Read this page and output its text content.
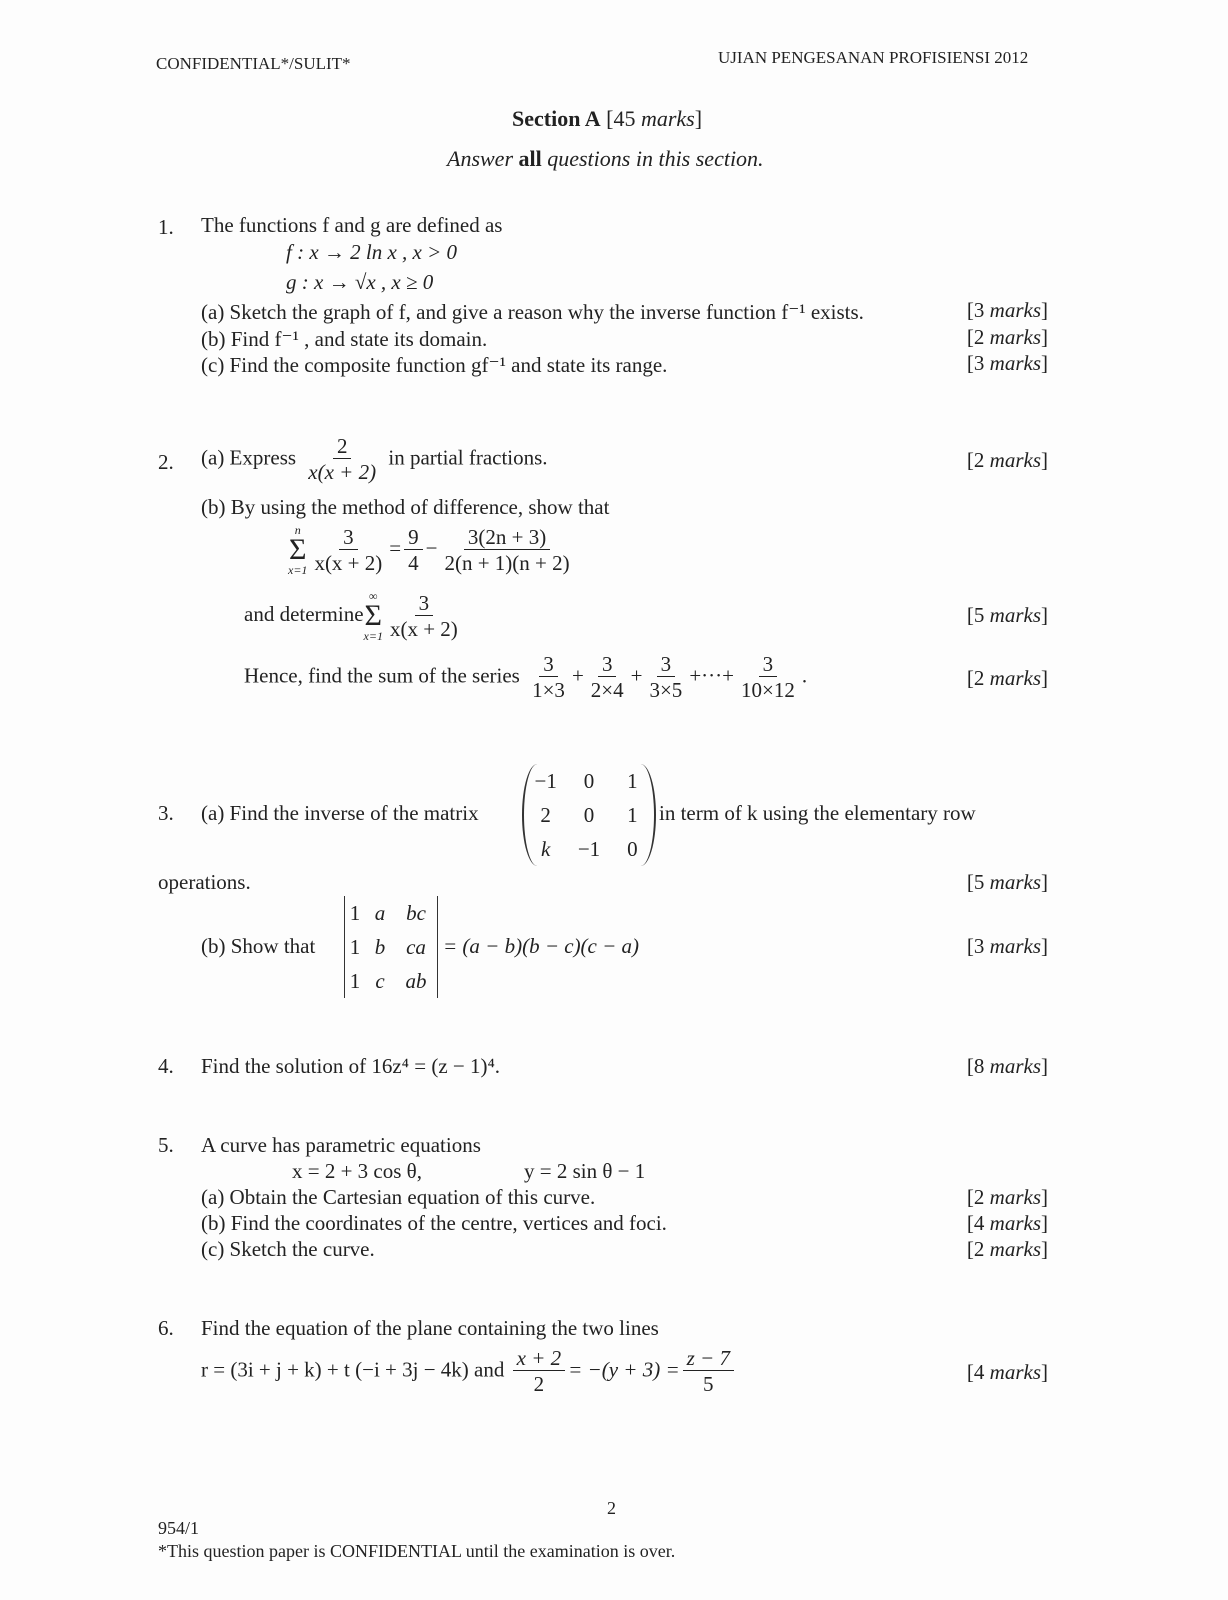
CONFIDENTIAL*/SULIT*	UJIAN PENGESANAN PROFISIENSI 2012
Section A [45 marks]
Answer all questions in this section.
1. The functions f and g are defined as
f : x → 2 ln x , x > 0
g : x → √x , x ≥ 0
(a) Sketch the graph of f, and give a reason why the inverse function f⁻¹ exists.
(b) Find f⁻¹ , and state its domain.
(c) Find the composite function gf⁻¹ and state its range.
[3 marks]
[2 marks]
[3 marks]
2. (a) Express $\frac{2}{x(x + 2)}$ in partial fractions.	[2 marks]
(b) By using the method of difference, show that
n
Σ
$x=1 \frac{3}{x(x + 2)} = \frac{9}{4} - \frac{3(2n + 3)}{2(n + 1)(n + 2)}$
and determine
∞
Σ
$x=1 \frac{3}{x(x + 2)}$	[5 marks]
Hence, find the sum of the series $\frac{3}{1\times 3} + \frac{3}{2\times 4} + \frac{3}{3\times 5}$ +···+ $\frac{3}{10\times 12}$ .	[2 marks]
3. (a) Find the inverse of the matrix
−1	0	1
2	0	1
k	−1	0
in term of k using the elementary row
operations.	[5 marks]
(b) Show that
1 a bc
1 b ca
1 c ab
= (a − b)(b − c)(c − a)	[3 marks]
4. Find the solution of 16z⁴ = (z − 1)⁴.	[8 marks]
5. A curve has parametric equations
x = 2 + 3 cos θ,	y = 2 sin θ − 1
(a) Obtain the Cartesian equation of this curve.
(b) Find the coordinates of the centre, vertices and foci.
(c) Sketch the curve.
[2 marks]
[4 marks]
[2 marks]
6. Find the equation of the plane containing the two lines
r = (3i + j + k) + t (−i + 3j − 4k) and $\frac{x + 2}{2} = -(y + 3) = \frac{z - 7}{5}$	[4 marks]
2
954/1
*This question paper is CONFIDENTIAL until the examination is over.
